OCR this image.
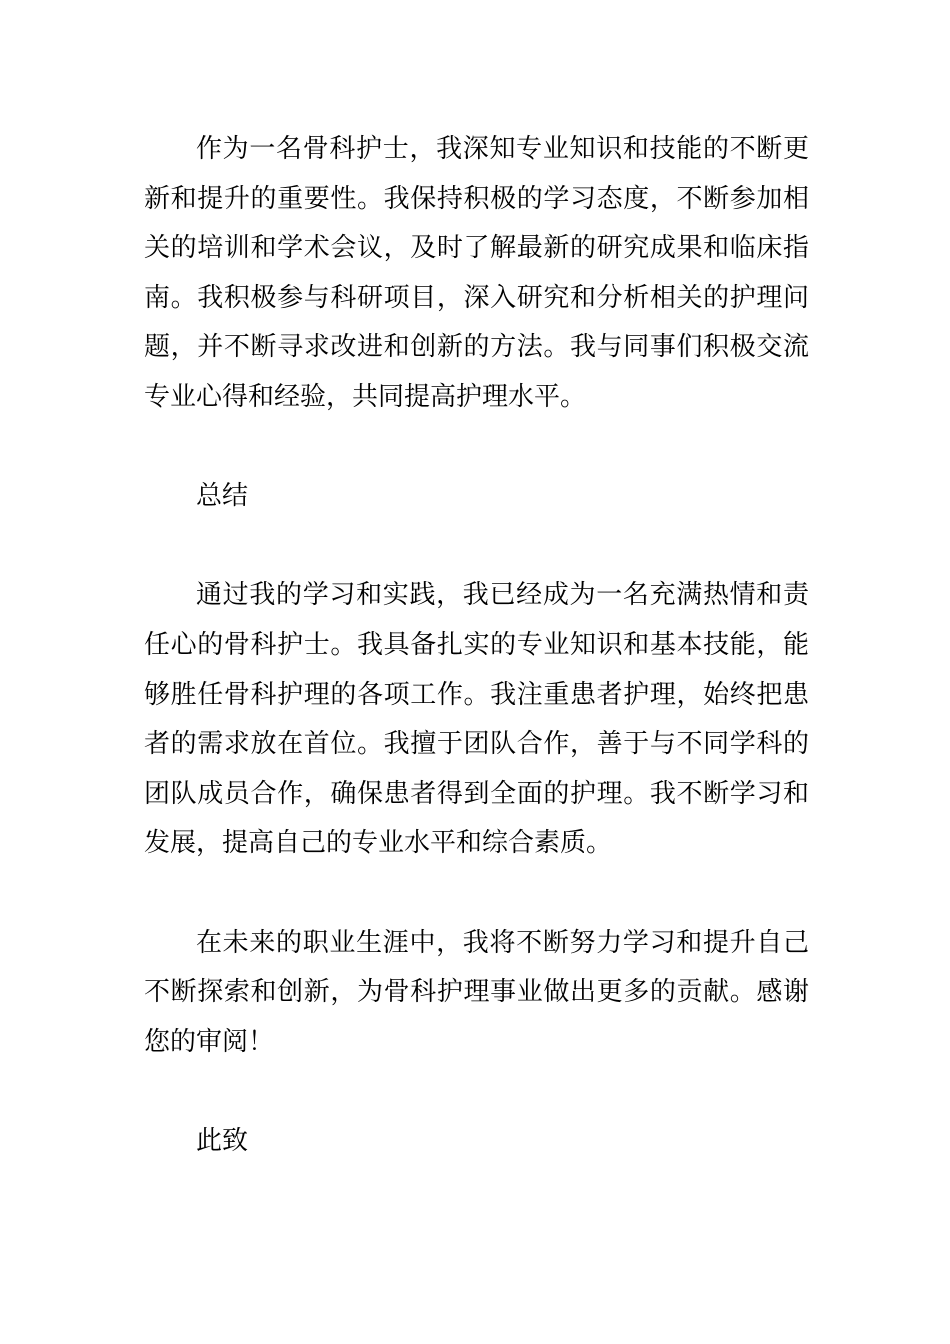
作为一名骨科护士，我深知专业知识和技能的不断更新和提升的重要性。我保持积极的学习态度，不断参加相关的培训和学术会议，及时了解最新的研究成果和临床指南。我积极参与科研项目，深入研究和分析相关的护理问题，并不断寻求改进和创新的方法。我与同事们积极交流专业心得和经验，共同提高护理水平。

总结

通过我的学习和实践，我已经成为一名充满热情和责任心的骨科护士。我具备扎实的专业知识和基本技能，能够胜任骨科护理的各项工作。我注重患者护理，始终把患者的需求放在首位。我擅于团队合作，善于与不同学科的团队成员合作，确保患者得到全面的护理。我不断学习和发展，提高自己的专业水平和综合素质。

在未来的职业生涯中，我将不断努力学习和提升自己不断探索和创新，为骨科护理事业做出更多的贡献。感谢您的审阅！

此致
